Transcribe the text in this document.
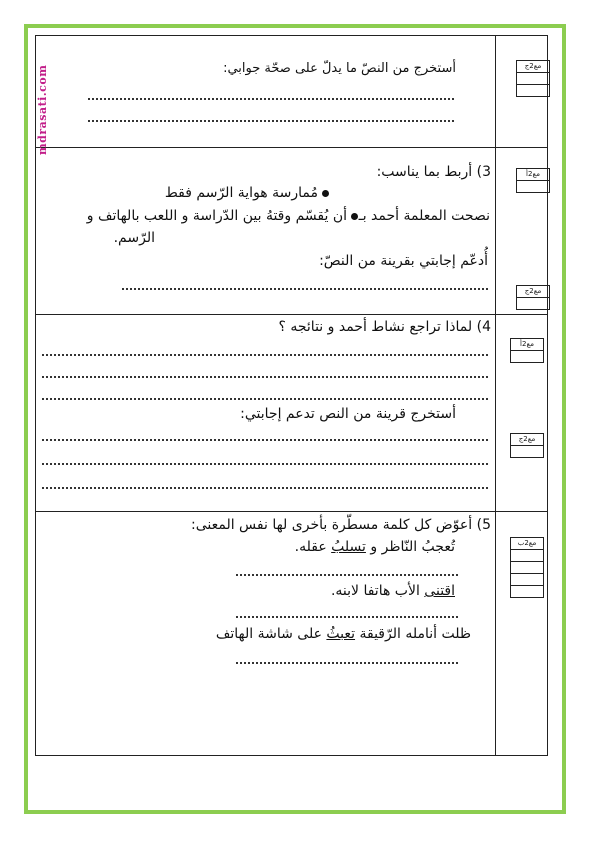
mdrasati.com	أستخرج من النصّ ما يدلّ على صحّة جوابي:	مع2ج
3) أربط بما يناسب:
مُمارسة هواية الرّسم فقط
نصحت المعلمة أحمد بـ
أن يُقسّم وقتهُ بين الدّراسة و اللعب بالهاتف و
الرّسم.
أُدعّم إجابتي بقرينة من النصّ:
مع2أ
مع2ج
4) لماذا تراجع نشاط أحمد و نتائجه ؟
أستخرج قرينة من النص تدعم إجابتي:
مع2أ
مع2ج
5) أعوّض كل كلمة مسطّرة بأخرى لها نفس المعنى:
تُعجبُ النّاظر و تسلبُ عقله.
اقتنى الأب هاتفا لابنه.
ظلت أنامله الرّقيقة تعبثُ على شاشة الهاتف
مع2ب
